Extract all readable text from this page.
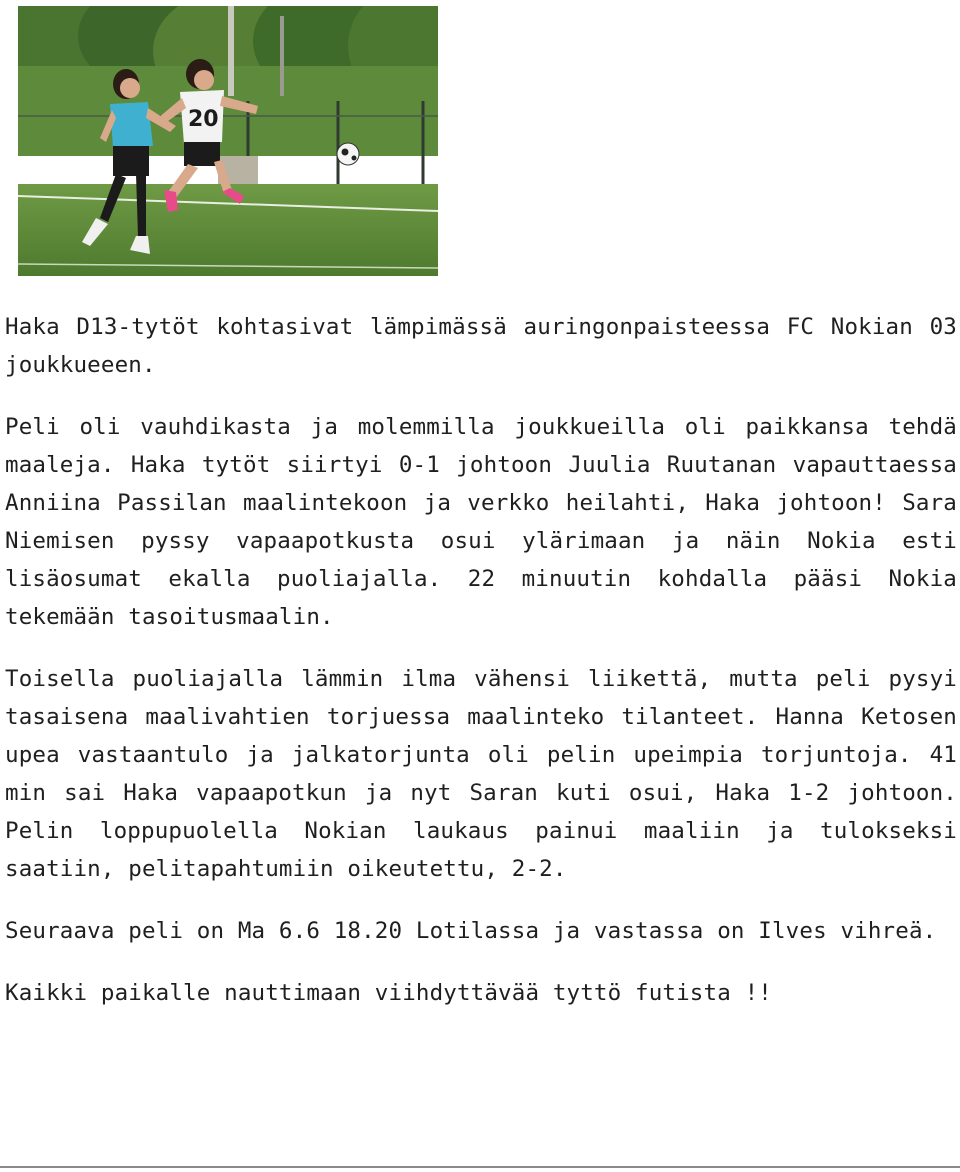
20

Haka D13-tytöt kohtasivat lämpimässä auringonpaisteessa FC Nokian 03 joukkueeen.

Peli oli vauhdikasta ja molemmilla joukkueilla oli paikkansa tehdä maaleja. Haka tytöt siirtyi 0-1 johtoon Juulia Ruutanan vapauttaessa Anniina Passilan maalintekoon ja verkko heilahti, Haka johtoon! Sara Niemisen pyssy vapaapotkusta osui ylärimaan ja näin Nokia esti lisäosumat ekalla puoliajalla. 22 minuutin kohdalla pääsi Nokia tekemään tasoitusmaalin.

Toisella puoliajalla lämmin ilma vähensi liikettä, mutta peli pysyi tasaisena maalivahtien torjuessa maalinteko tilanteet. Hanna Ketosen upea vastaantulo ja jalkatorjunta oli pelin upeimpia torjuntoja. 41 min sai Haka vapaapotkun ja nyt Saran kuti osui, Haka 1-2 johtoon. Pelin loppupuolella Nokian laukaus painui maaliin ja tulokseksi saatiin, pelitapahtumiin oikeutettu, 2-2.

Seuraava peli on Ma 6.6 18.20 Lotilassa ja vastassa on Ilves vihreä.

Kaikki paikalle nauttimaan viihdyttävää tyttö futista !!
